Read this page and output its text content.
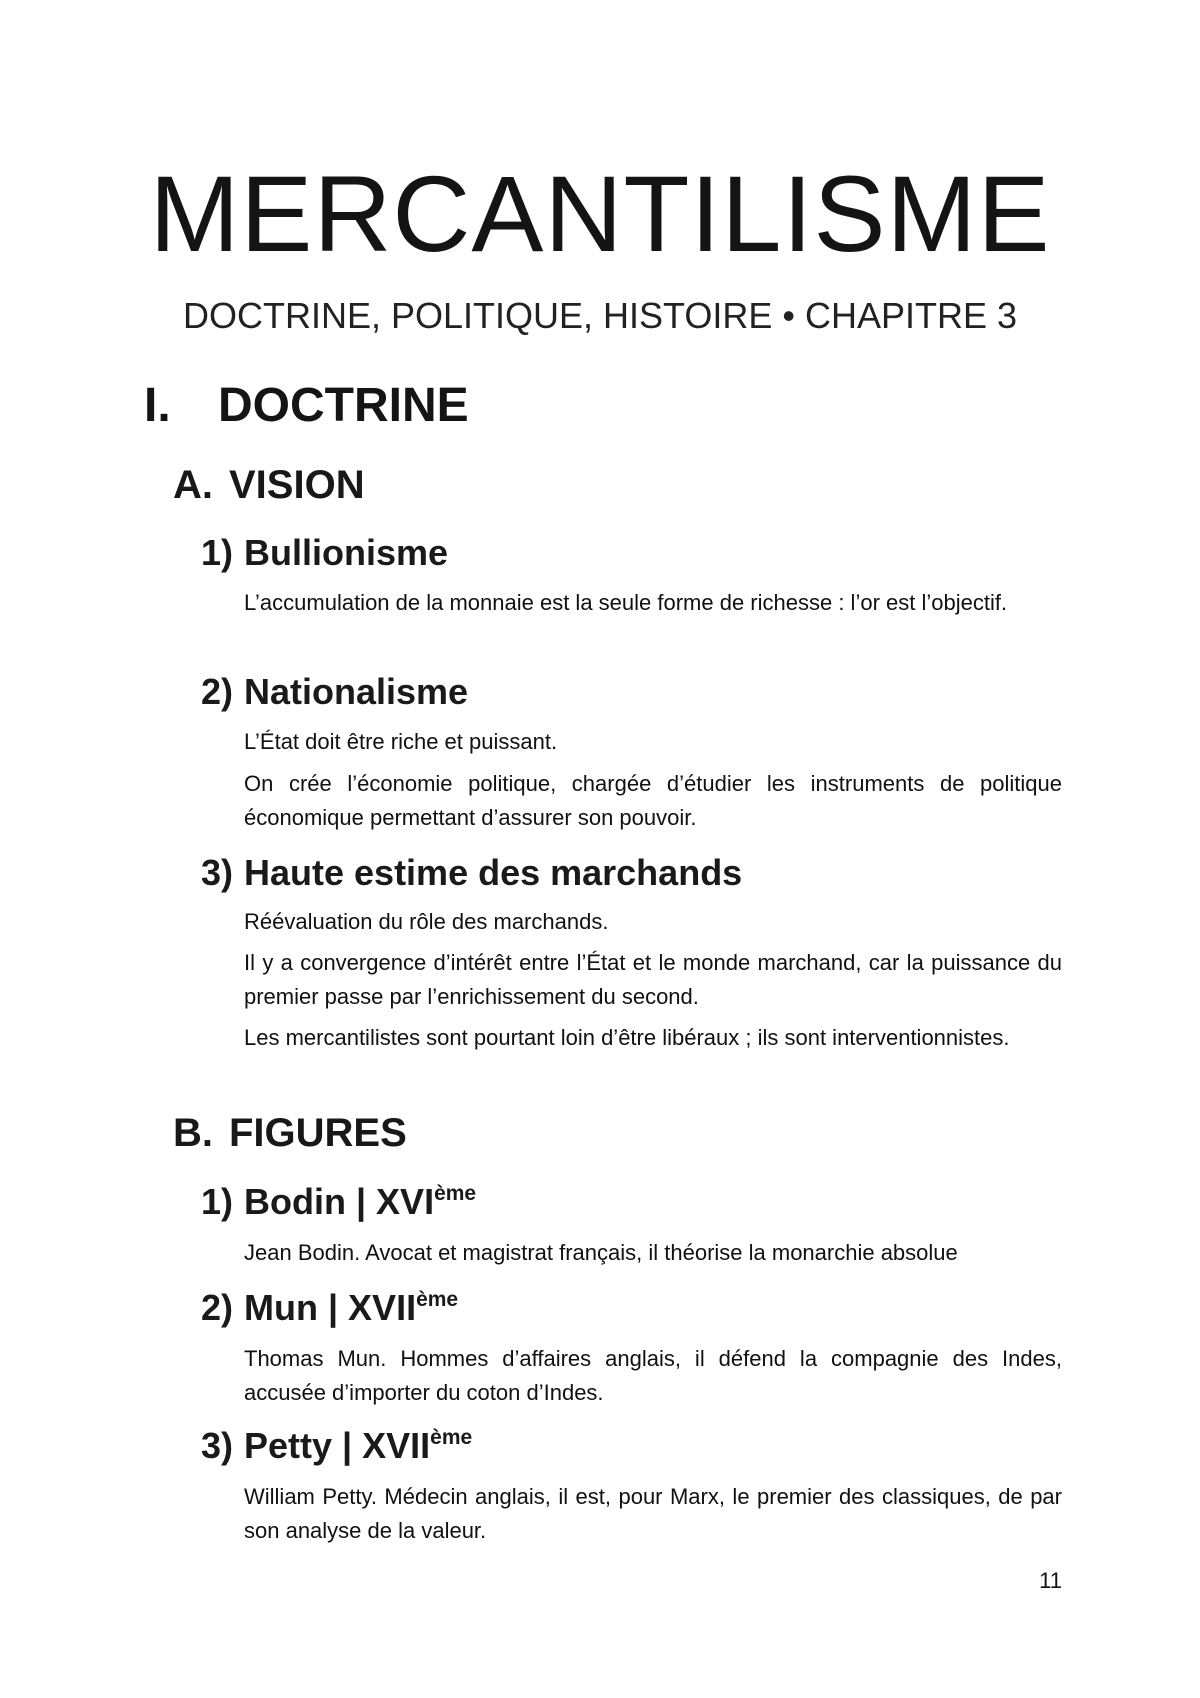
MERCANTILISME

DOCTRINE, POLITIQUE, HISTOIRE • CHAPITRE 3

I. DOCTRINE
A. VISION
1) Bullionisme

L’accumulation de la monnaie est la seule forme de richesse : l’or est l’objectif.

2) Nationalisme

L’État doit être riche et puissant.

On crée l’économie politique, chargée d’étudier les instruments de politique économique permettant d’assurer son pouvoir.

3) Haute estime des marchands

Réévaluation du rôle des marchands.

Il y a convergence d’intérêt entre l’État et le monde marchand, car la puissance du premier passe par l’enrichissement du second.

Les mercantilistes sont pourtant loin d’être libéraux ; ils sont interventionnistes.

B. FIGURES
1) Bodin | XVIème

Jean Bodin. Avocat et magistrat français, il théorise la monarchie absolue

2) Mun | XVIIème

Thomas Mun. Hommes d’affaires anglais, il défend la compagnie des Indes, accusée d’importer du coton d’Indes.

3) Petty | XVIIème

William Petty. Médecin anglais, il est, pour Marx, le premier des classiques, de par son analyse de la valeur.

11
